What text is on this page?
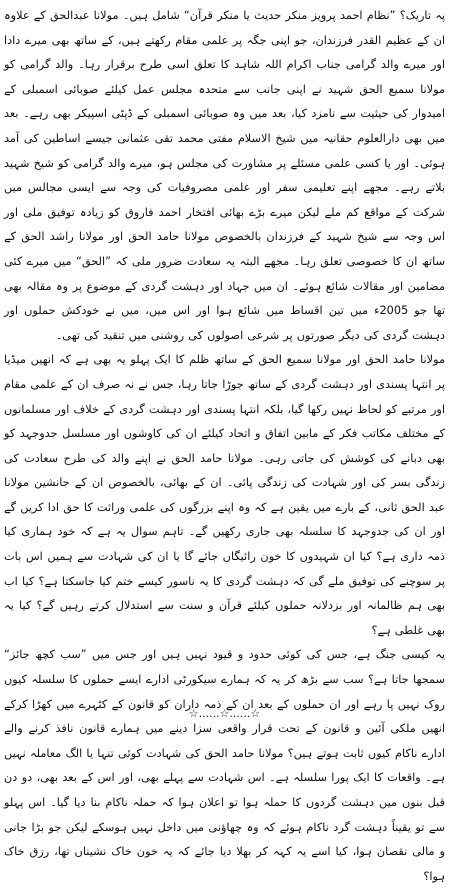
پہ تاریک؟ ”نظام احمد پرویز منکر حدیث یا منکر قرآن“ شامل ہیں۔ مولانا عبدالحق کے علاوہ ان کے عظیم القدر فرزندان، جو اپنی جگہ پر علمی مقام رکھتے ہیں، کے ساتھ بھی میرے دادا اور میرے والد گرامی جناب اکرام اللہ شاہد کا تعلق اسی طرح برقرار رہا۔ والد گرامی کو مولانا سمیع الحق شہید نے اپنی جانب سے متحدہ مجلس عمل کیلئے صوبائی اسمبلی کے امیدوار کی حیثیت سے نامزد کیا، بعد میں وہ صوبائی اسمبلی کے ڈپٹی اسپیکر بھی رہے۔ بعد میں بھی دارالعلوم حقانیہ میں شیخ الاسلام مفتی محمد تقی عثمانی جیسے اساطین کی آمد ہوئی۔ اور یا کسی علمی مسئلے پر مشاورت کی مجلس ہو، میرے والد گرامی کو شیخ شہید بلاتے رہے۔ مجھے اپنے تعلیمی سفر اور علمی مصروفیات کی وجہ سے ایسی مجالس میں شرکت کے مواقع کم ملے لیکن میرے بڑے بھائی افتخار احمد فاروق کو زیادہ توفیق ملی اور اس وجہ سے شیخ شہید کے فرزندان بالخصوص مولانا حامد الحق اور مولانا راشد الحق کے ساتھ ان کا خصوصی تعلق رہا۔ مجھے البتہ یہ سعادت ضرور ملی کہ ”الحق“ میں میرے کئی مضامین اور مقالات شائع ہوئے۔ ان میں جہاد اور دہشت گردی کے موضوع پر وہ مقالہ بھی تھا جو 2005ء میں تین اقساط میں شائع ہوا اور اس میں، میں نے خودکش حملوں اور دہشت گردی کی دیگر صورتوں پر شرعی اصولوں کی روشنی میں تنقید کی تھی۔

مولانا حامد الحق اور مولانا سمیع الحق کے ساتھ ظلم کا ایک پہلو یہ بھی ہے کہ انھیں میڈیا پر انتہا پسندی اور دہشت گردی کے ساتھ جوڑا جاتا رہا، جس نے نہ صرف ان کے علمی مقام اور مرتبے کو لحاظ نہیں رکھا گیا، بلکہ انتہا پسندی اور دہشت گردی کے خلاف اور مسلمانوں کے مختلف مکاتب فکر کے مابین اتفاق و اتحاد کیلئے ان کی کاوشوں اور مسلسل جدوجہد کو بھی دبانے کی کوشش کی جاتی رہی۔ مولانا حامد الحق نے اپنے والد کی طرح سعادت کی زندگی بسر کی اور شہادت کی زندگی پائی۔ ان کے بھائی، بالخصوص ان کے جانشین مولانا عبد الحق ثانی، کے بارے میں یقین ہے کہ وہ اپنے بزرگوں کی علمی وراثت کا حق ادا کریں گے اور ان کی جدوجہد کا سلسلہ بھی جاری رکھیں گے۔ تاہم سوال یہ ہے کہ خود ہماری کیا ذمہ داری ہے؟ کیا ان شہیدوں کا خون رائیگاں جائے گا یا ان کی شہادت سے ہمیں اس بات پر سوچنے کی توفیق ملے گی کہ دہشت گردی کا یہ ناسور کیسے ختم کیا جاسکتا ہے؟ کیا اب بھی ہم ظالمانہ اور بزدلانہ حملوں کیلئے قرآن و سنت سے استدلال کرتے رہیں گے؟ کیا یہ بھی غلطی ہے؟

یہ کیسی جنگ ہے، جس کی کوئی حدود و قیود نہیں ہیں اور جس میں ”سب کچھ جائز“ سمجھا جاتا ہے؟ سب سے بڑھ کر یہ کہ ہمارے سیکورٹی ادارے ایسے حملوں کا سلسلہ کیوں روک نہیں پا رہے اور ان حملوں کے بعد ان کے ذمہ داران کو قانون کے کٹہرے میں کھڑا کرکے انھیں ملکی آئین و قانون کے تحت قرار واقعی سزا دینے میں ہمارے قانون نافذ کرنے والے ادارے ناکام کیوں ثابت ہوتے ہیں؟ مولانا حامد الحق کی شہادت کوئی تنہا یا الگ معاملہ نہیں ہے۔ واقعات کا ایک پورا سلسلہ ہے۔ اس شہادت سے پہلے بھی، اور اس کے بعد بھی، دو دن قبل بنوں میں دہشت گردوں کا حملہ ہوا تو اعلان ہوا کہ حملہ ناکام بنا دیا گیا۔ اس پہلو سے تو یقیناً دہشت گرد ناکام ہوئے کہ وہ چھاؤنی میں داخل نہیں ہوسکے لیکن جو بڑا جانی و مالی نقصان ہوا، کیا اسے یہ کہہ کر بھلا دیا جائے کہ یہ خون خاک نشیناں تھا، رزق خاک ہوا؟

☆......☆......☆
